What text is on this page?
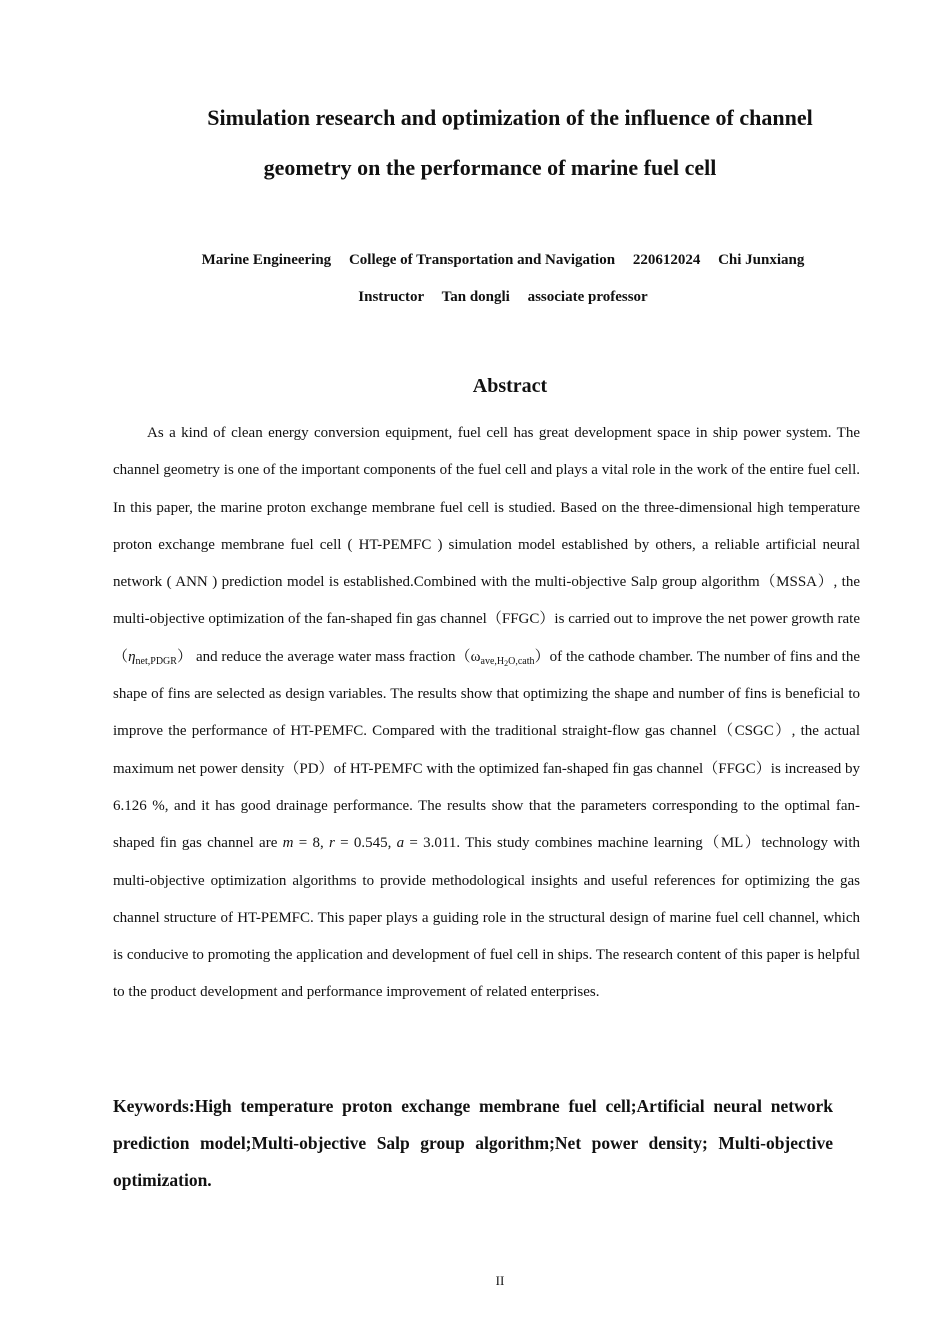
Simulation research and optimization of the influence of channel
geometry on the performance of marine fuel cell
Marine Engineering College of Transportation and Navigation 220612024 Chi Junxiang
Instructor Tan dongli associate professor
Abstract

As a kind of clean energy conversion equipment, fuel cell has great development space in ship power system. The channel geometry is one of the important components of the fuel cell and plays a vital role in the work of the entire fuel cell. In this paper, the marine proton exchange membrane fuel cell is studied. Based on the three-dimensional high temperature proton exchange membrane fuel cell ( HT-PEMFC ) simulation model established by others, a reliable artificial neural network ( ANN ) prediction model is established.Combined with the multi-objective Salp group algorithm（MSSA）, the multi-objective optimization of the fan-shaped fin gas channel（FFGC）is carried out to improve the net power growth $rate(\eta_{net,PDGR})$ and reduce the average water mass $fraction(\omega_{ave,H_2O,cath})of$ the cathode chamber. The number of fins and the shape of fins are selected as design variables. The results show that optimizing the shape and number of fins is beneficial to improve the performance of HT-PEMFC. Compared with the traditional straight-flow gas channel（CSGC）, the actual maximum net power density（PD）of HT-PEMFC with the optimized fan-shaped fin gas channel（FFGC）is increased by 6.126 %, and it has good drainage performance. The results show that the parameters corresponding to the optimal fan-shaped fin gas channel are m = 8, r = 0.545, a = 3.011. This study combines machine learning（ML）technology with multi-objective optimization algorithms to provide methodological insights and useful references for optimizing the gas channel structure of HT-PEMFC. This paper plays a guiding role in the structural design of marine fuel cell channel, which is conducive to promoting the application and development of fuel cell in ships. The research content of this paper is helpful to the product development and performance improvement of related enterprises.

Keywords:High temperature proton exchange membrane fuel cell;Artificial neural network prediction model;Multi-objective Salp group algorithm;Net power density; Multi-objective optimization.

II
